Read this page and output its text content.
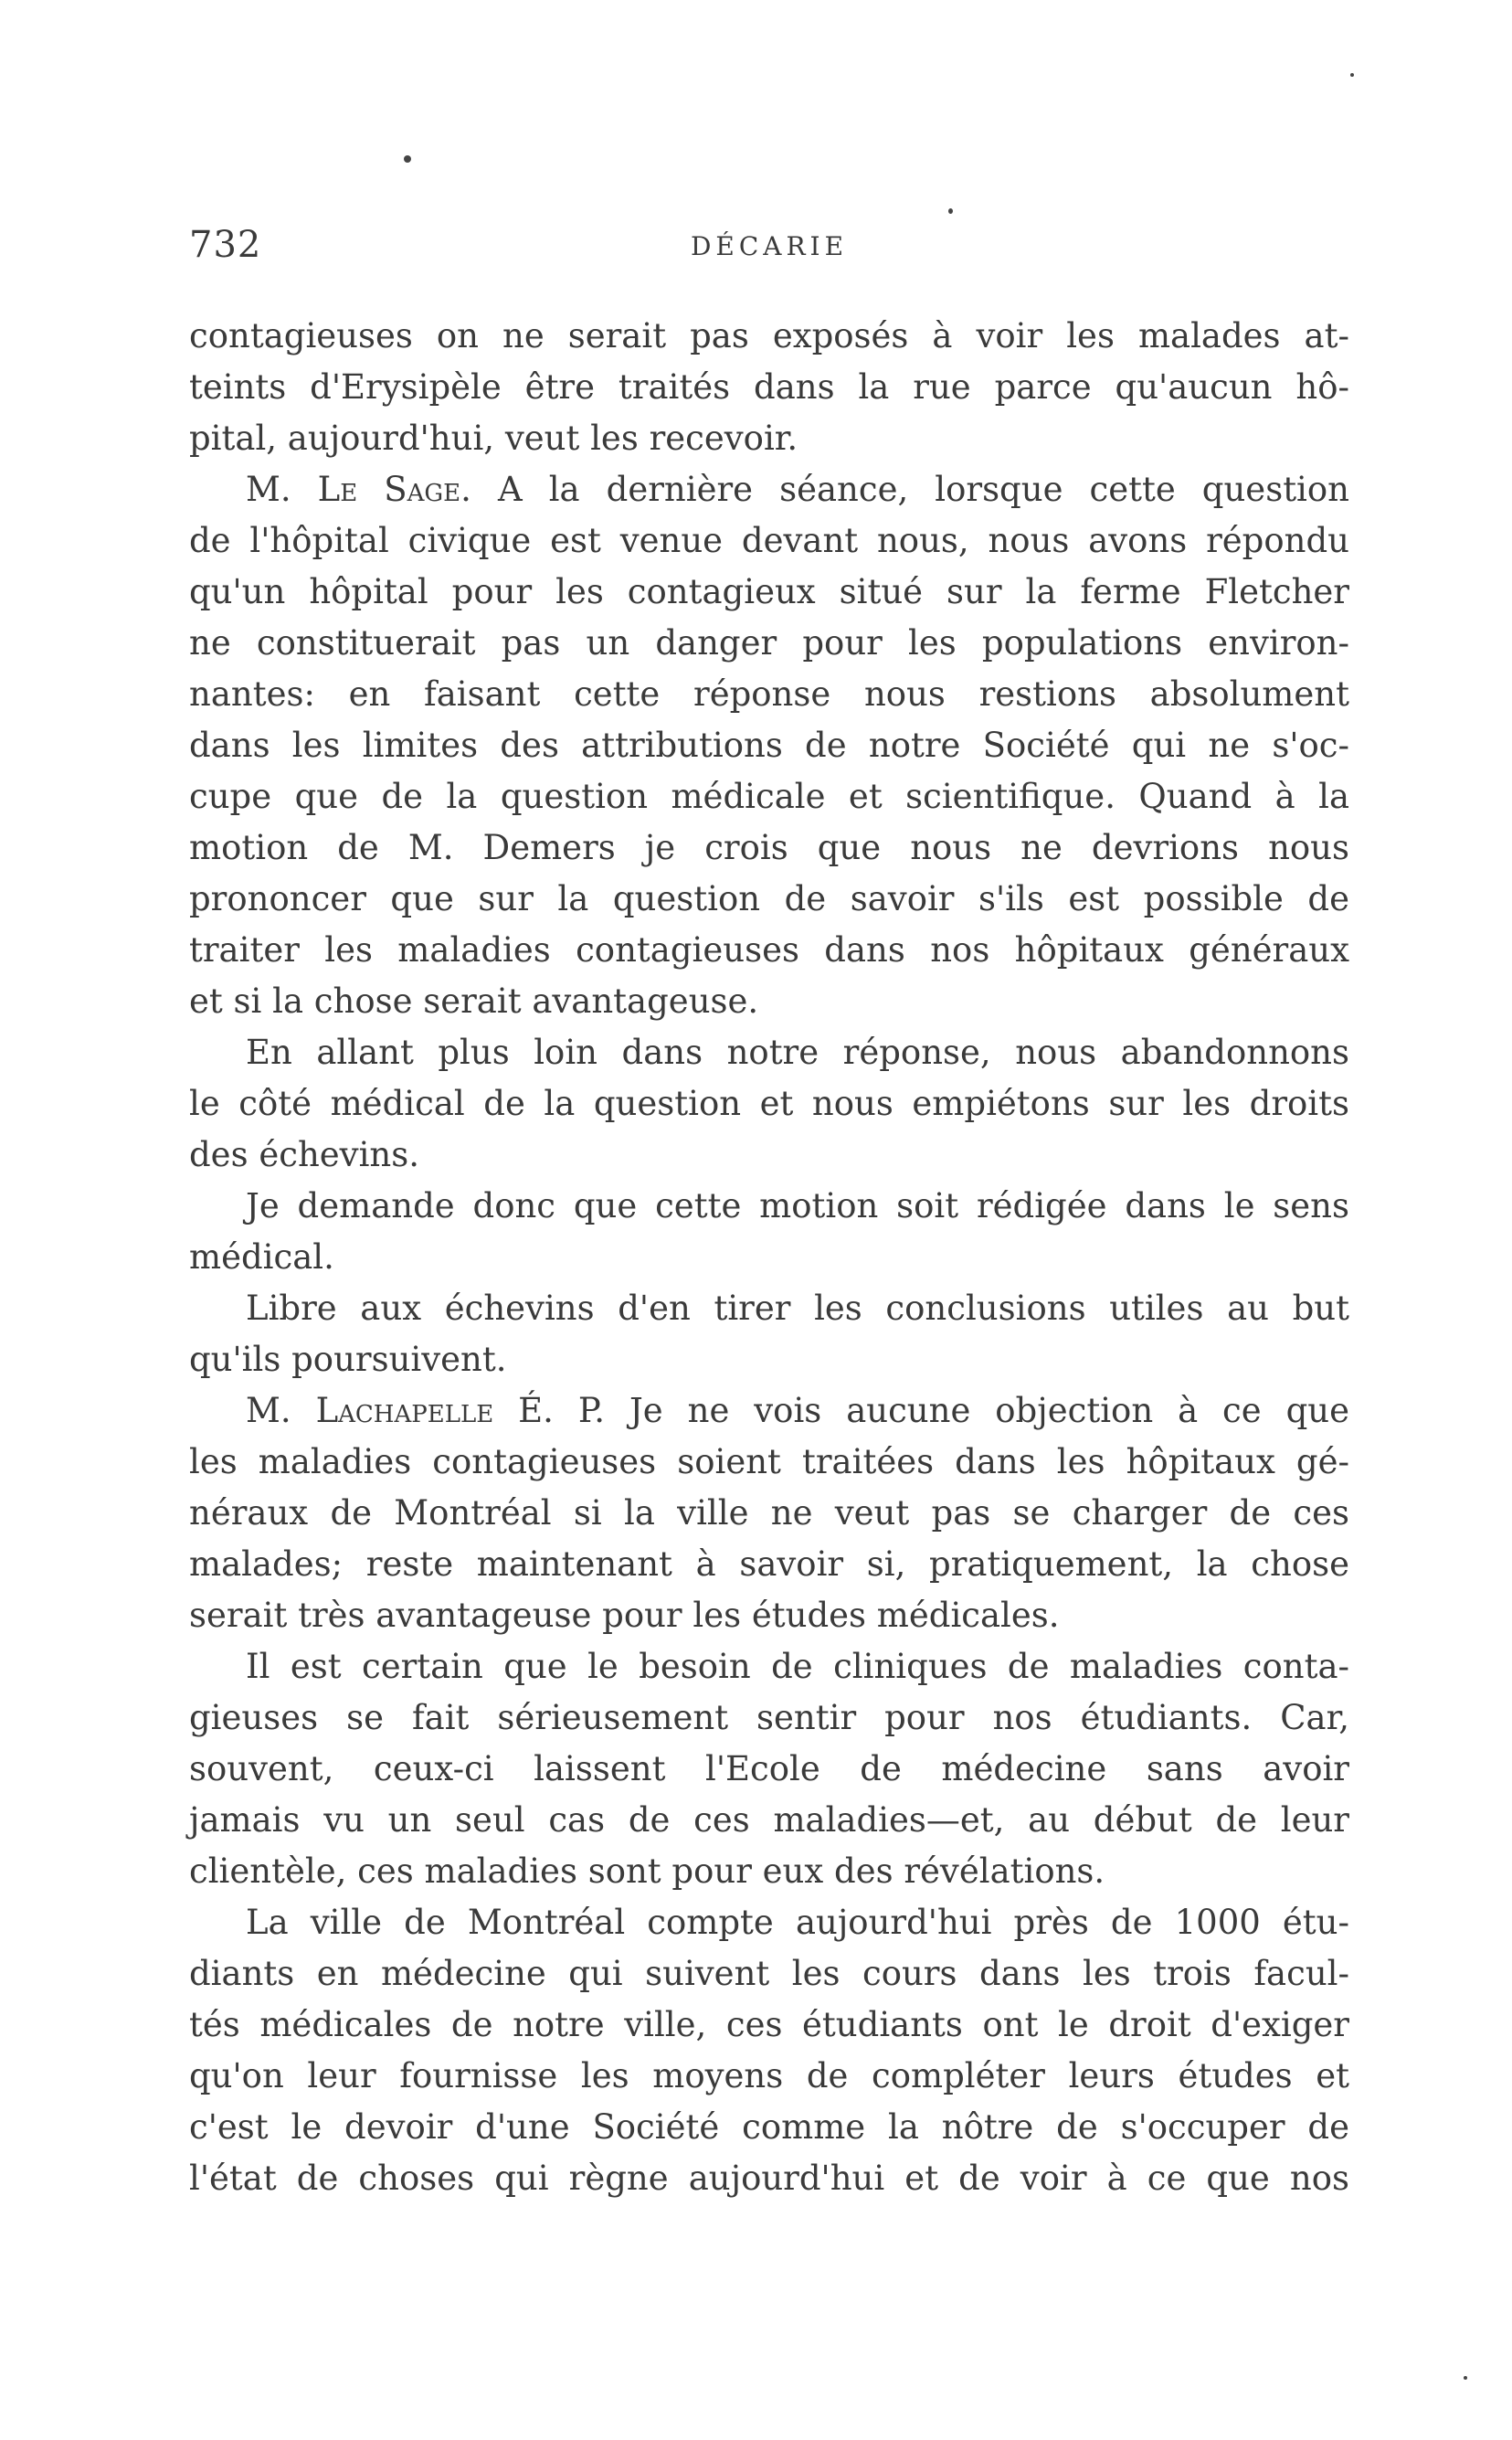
732	DÉCARIE
contagieuses on ne serait pas exposés à voir les malades at-
teints d'Erysipèle être traités dans la rue parce qu'aucun hô-
pital, aujourd'hui, veut les recevoir.
M. Le Sage. A la dernière séance, lorsque cette question
de l'hôpital civique est venue devant nous, nous avons répondu
qu'un hôpital pour les contagieux situé sur la ferme Fletcher
ne constituerait pas un danger pour les populations environ-
nantes: en faisant cette réponse nous restions absolument
dans les limites des attributions de notre Société qui ne s'oc-
cupe que de la question médicale et scientifique. Quand à la
motion de M. Demers je crois que nous ne devrions nous
prononcer que sur la question de savoir s'ils est possible de
traiter les maladies contagieuses dans nos hôpitaux généraux
et si la chose serait avantageuse.
En allant plus loin dans notre réponse, nous abandonnons
le côté médical de la question et nous empiétons sur les droits
des échevins.
Je demande donc que cette motion soit rédigée dans le sens
médical.
Libre aux échevins d'en tirer les conclusions utiles au but
qu'ils poursuivent.
M. Lachapelle É. P. Je ne vois aucune objection à ce que
les maladies contagieuses soient traitées dans les hôpitaux gé-
néraux de Montréal si la ville ne veut pas se charger de ces
malades; reste maintenant à savoir si, pratiquement, la chose
serait très avantageuse pour les études médicales.
Il est certain que le besoin de cliniques de maladies conta-
gieuses se fait sérieusement sentir pour nos étudiants. Car,
souvent, ceux-ci laissent l'Ecole de médecine sans avoir
jamais vu un seul cas de ces maladies—et, au début de leur
clientèle, ces maladies sont pour eux des révélations.
La ville de Montréal compte aujourd'hui près de 1000 étu-
diants en médecine qui suivent les cours dans les trois facul-
tés médicales de notre ville, ces étudiants ont le droit d'exiger
qu'on leur fournisse les moyens de compléter leurs études et
c'est le devoir d'une Société comme la nôtre de s'occuper de
l'état de choses qui règne aujourd'hui et de voir à ce que nos
